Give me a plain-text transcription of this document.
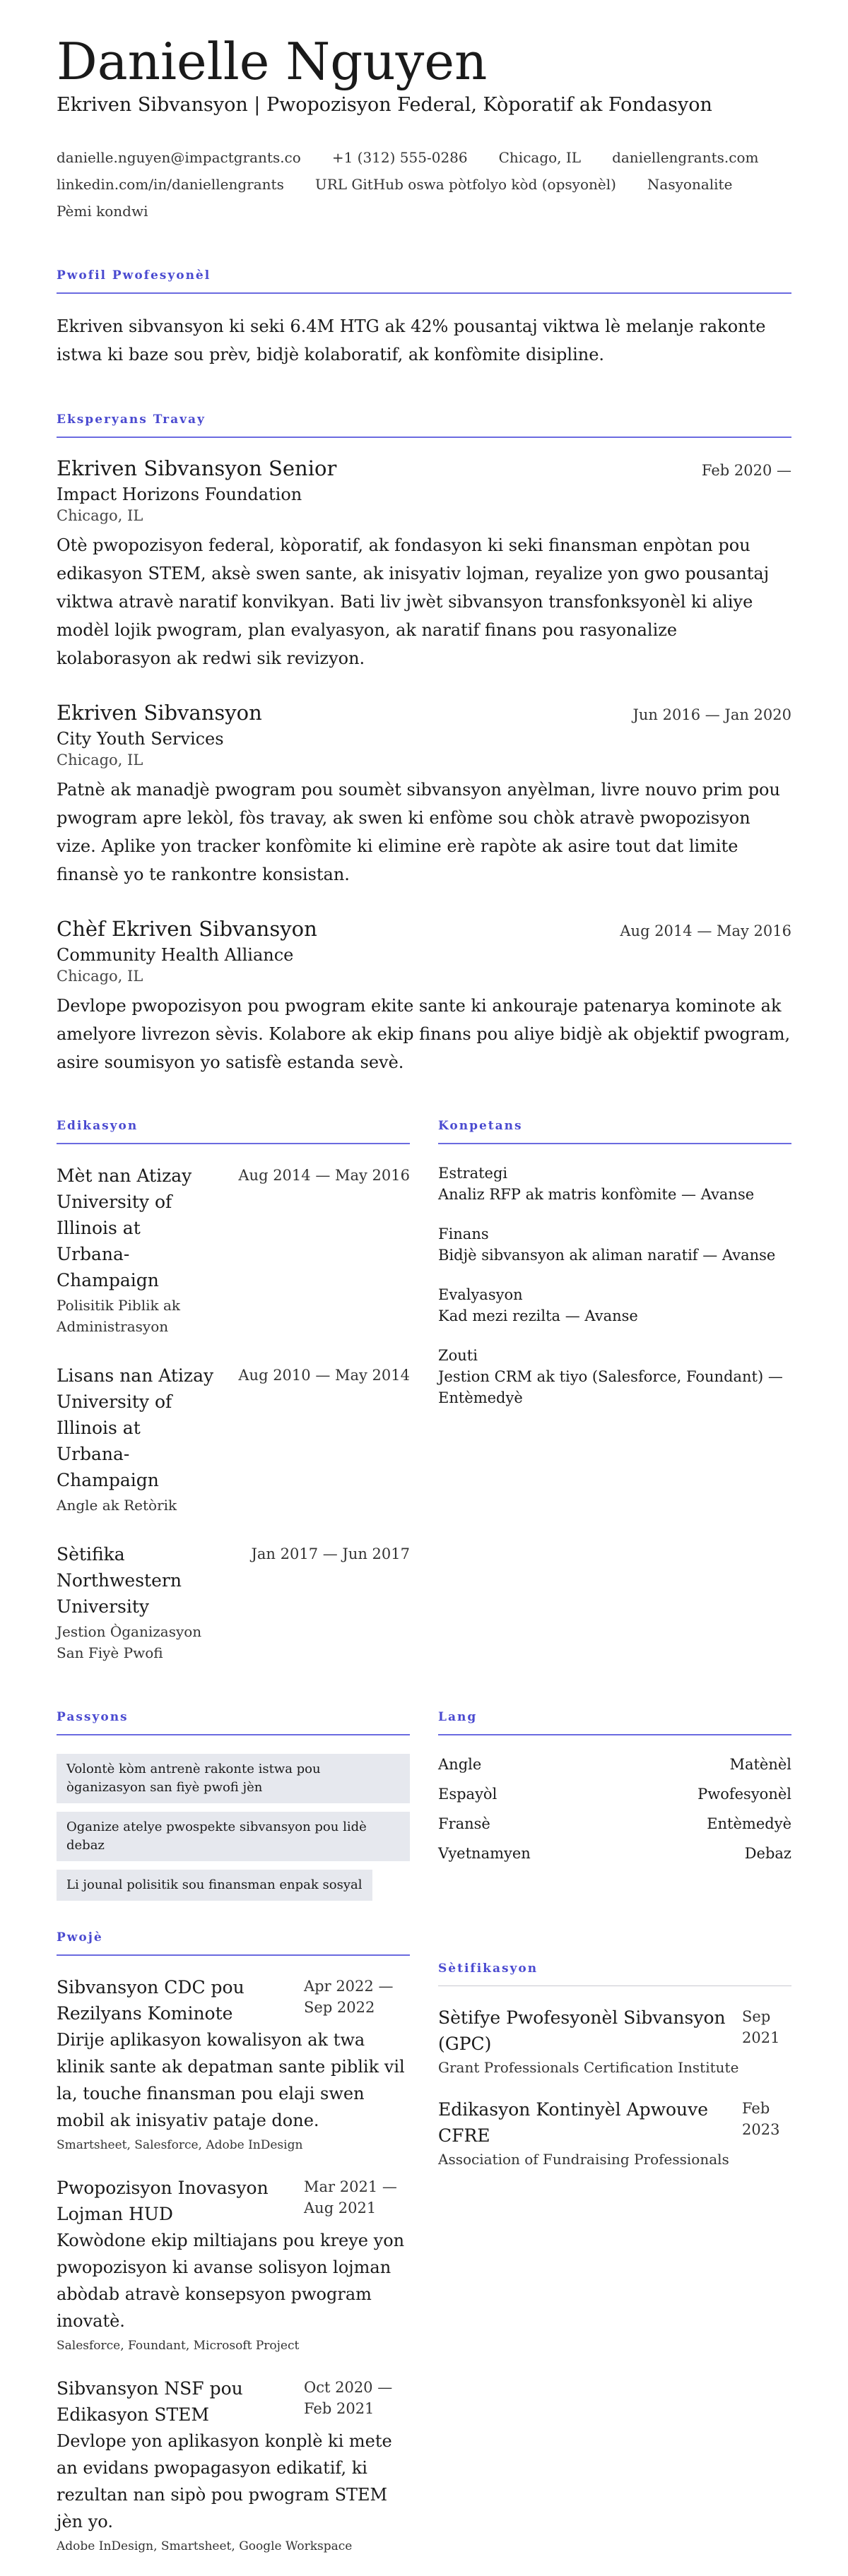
Danielle Nguyen
Ekriven Sibvansyon | Pwopozisyon Federal, Kòporatif ak Fondasyon
danielle.nguyen@impactgrants.co +1 (312) 555-0286 Chicago, IL daniellengrants.com
linkedin.com/in/daniellengrants URL GitHub oswa pòtfolyo kòd (opsyonèl) Nasyonalite
Pèmi kondwi
Pwofil Pwofesyonèl
Ekriven sibvansyon ki seki 6.4M HTG ak 42% pousantaj viktwa lè melanje rakonte istwa ki baze sou prèv, bidjè kolaboratif, ak konfòmite disipline.
Eksperyans Travay
Ekriven Sibvansyon Senior	Feb 2020 —
Impact Horizons Foundation
Chicago, IL
Otè pwopozisyon federal, kòporatif, ak fondasyon ki seki finansman enpòtan pou edikasyon STEM, aksè swen sante, ak inisyativ lojman, reyalize yon gwo pousantaj viktwa atravè naratif konvikyan. Bati liv jwèt sibvansyon transfonksyonèl ki aliye modèl lojik pwogram, plan evalyasyon, ak naratif finans pou rasyonalize kolaborasyon ak redwi sik revizyon.
Ekriven Sibvansyon	Jun 2016 — Jan 2020
City Youth Services
Chicago, IL
Patnè ak manadjè pwogram pou soumèt sibvansyon anyèlman, livre nouvo prim pou pwogram apre lekòl, fòs travay, ak swen ki enfòme sou chòk atravè pwopozisyon vize. Aplike yon tracker konfòmite ki elimine erè rapòte ak asire tout dat limite finansè yo te rankontre konsistan.
Chèf Ekriven Sibvansyon	Aug 2014 — May 2016
Community Health Alliance
Chicago, IL
Devlope pwopozisyon pou pwogram ekite sante ki ankouraje patenarya kominote ak amelyore livrezon sèvis. Kolabore ak ekip finans pou aliye bidjè ak objektif pwogram, asire soumisyon yo satisfè estanda sevè.
Edikasyon
Mèt nan Atizay University of Illinois at Urbana-Champaign
Aug 2014 — May 2016
Polisitik Piblik ak Administrasyon
Lisans nan Atizay University of Illinois at Urbana-Champaign
Aug 2010 — May 2014
Angle ak Retòrik
Sètifika Northwestern University
Jan 2017 — Jun 2017
Jestion Òganizasyon San Fiyè Pwofi
Konpetans
Estrategi
Analiz RFP ak matris konfòmite — Avanse
Finans
Bidjè sibvansyon ak aliman naratif — Avanse
Evalyasyon
Kad mezi rezilta — Avanse
Zouti
Jestion CRM ak tiyo (Salesforce, Foundant) — Entèmedyè
Passyons
Volontè kòm antrenè rakonte istwa pou òganizasyon san fiyè pwofi jèn Oganize atelye pwospekte sibvansyon pou lidè debaz Li jounal polisitik sou finansman enpak sosyal
Lang
Angle	Matènèl
Espayòl	Pwofesyonèl
Fransè	Entèmedyè
Vyetnamyen	Debaz
Pwojè
Sibvansyon CDC pou Rezilyans Kominote
Apr 2022 — Sep 2022
Dirije aplikasyon kowalisyon ak twa klinik sante ak depatman sante piblik vil la, touche finansman pou elaji swen mobil ak inisyativ pataje done.
Smartsheet, Salesforce, Adobe InDesign
Pwopozisyon Inovasyon Lojman HUD
Mar 2021 — Aug 2021
Kowòdone ekip miltiajans pou kreye yon pwopozisyon ki avanse solisyon lojman abòdab atravè konsepsyon pwogram inovatè.
Salesforce, Foundant, Microsoft Project
Sibvansyon NSF pou Edikasyon STEM
Oct 2020 — Feb 2021
Devlope yon aplikasyon konplè ki mete an evidans pwopagasyon edikatif, ki rezultan nan sipò pou pwogram STEM jèn yo.
Adobe InDesign, Smartsheet, Google Workspace
Sètifikasyon
Sètifye Pwofesyonèl Sibvansyon (GPC)
Sep 2021
Grant Professionals Certification Institute
Edikasyon Kontinyèl Apwouve CFRE
Feb 2023
Association of Fundraising Professionals
